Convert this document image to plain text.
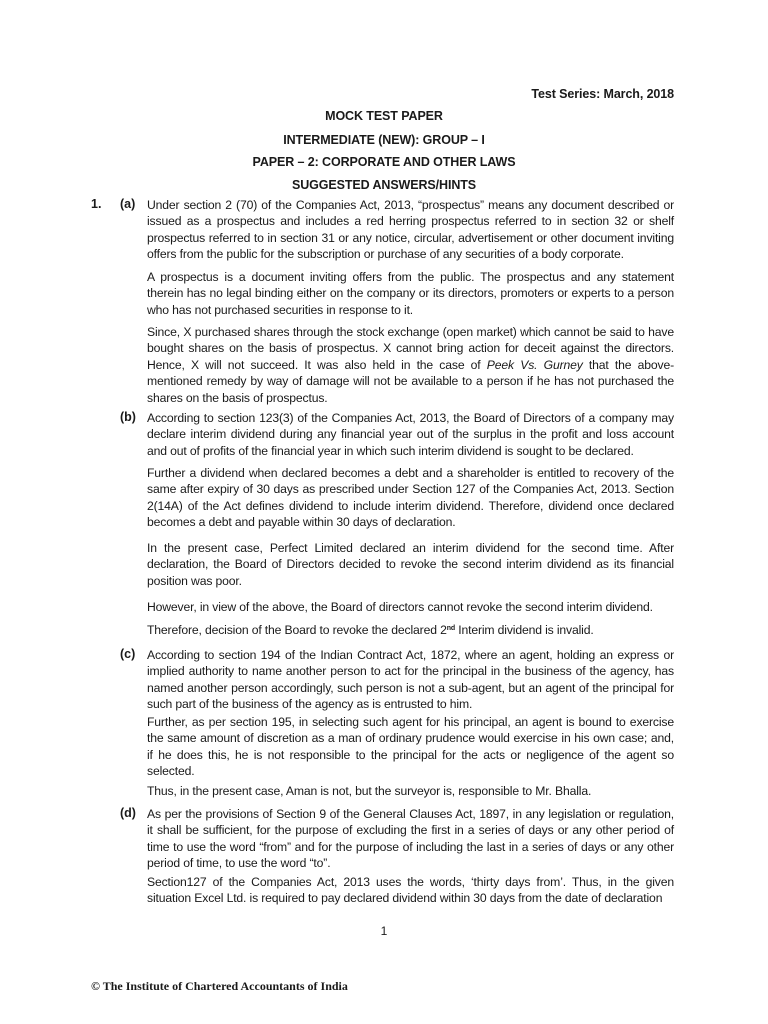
Test Series: March, 2018
MOCK TEST PAPER
INTERMEDIATE (NEW): GROUP – I
PAPER – 2: CORPORATE AND OTHER LAWS
SUGGESTED ANSWERS/HINTS
1. (a) Under section 2 (70) of the Companies Act, 2013, “prospectus” means any document described or issued as a prospectus and includes a red herring prospectus referred to in section 32 or shelf prospectus referred to in section 31 or any notice, circular, advertisement or other document inviting offers from the public for the subscription or purchase of any securities of a body corporate.
A prospectus is a document inviting offers from the public. The prospectus and any statement therein has no legal binding either on the company or its directors, promoters or experts to a person who has not purchased securities in response to it.
Since, X purchased shares through the stock exchange (open market) which cannot be said to have bought shares on the basis of prospectus. X cannot bring action for deceit against the directors. Hence, X will not succeed. It was also held in the case of Peek Vs. Gurney that the above-mentioned remedy by way of damage will not be available to a person if he has not purchased the shares on the basis of prospectus.
(b) According to section 123(3) of the Companies Act, 2013, the Board of Directors of a company may declare interim dividend during any financial year out of the surplus in the profit and loss account and out of profits of the financial year in which such interim dividend is sought to be declared.
Further a dividend when declared becomes a debt and a shareholder is entitled to recovery of the same after expiry of 30 days as prescribed under Section 127 of the Companies Act, 2013. Section 2(14A) of the Act defines dividend to include interim dividend. Therefore, dividend once declared becomes a debt and payable within 30 days of declaration.
In the present case, Perfect Limited declared an interim dividend for the second time. After declaration, the Board of Directors decided to revoke the second interim dividend as its financial position was poor.
However, in view of the above, the Board of directors cannot revoke the second interim dividend.
Therefore, decision of the Board to revoke the declared 2nd Interim dividend is invalid.
(c) According to section 194 of the Indian Contract Act, 1872, where an agent, holding an express or implied authority to name another person to act for the principal in the business of the agency, has named another person accordingly, such person is not a sub-agent, but an agent of the principal for such part of the business of the agency as is entrusted to him.
Further, as per section 195, in selecting such agent for his principal, an agent is bound to exercise the same amount of discretion as a man of ordinary prudence would exercise in his own case; and, if he does this, he is not responsible to the principal for the acts or negligence of the agent so selected.
Thus, in the present case, Aman is not, but the surveyor is, responsible to Mr. Bhalla.
(d) As per the provisions of Section 9 of the General Clauses Act, 1897, in any legislation or regulation, it shall be sufficient, for the purpose of excluding the first in a series of days or any other period of time to use the word “from” and for the purpose of including the last in a series of days or any other period of time, to use the word “to”.
Section127 of the Companies Act, 2013 uses the words, ‘thirty days from’. Thus, in the given situation Excel Ltd. is required to pay declared dividend within 30 days from the date of declaration
1
© The Institute of Chartered Accountants of India
